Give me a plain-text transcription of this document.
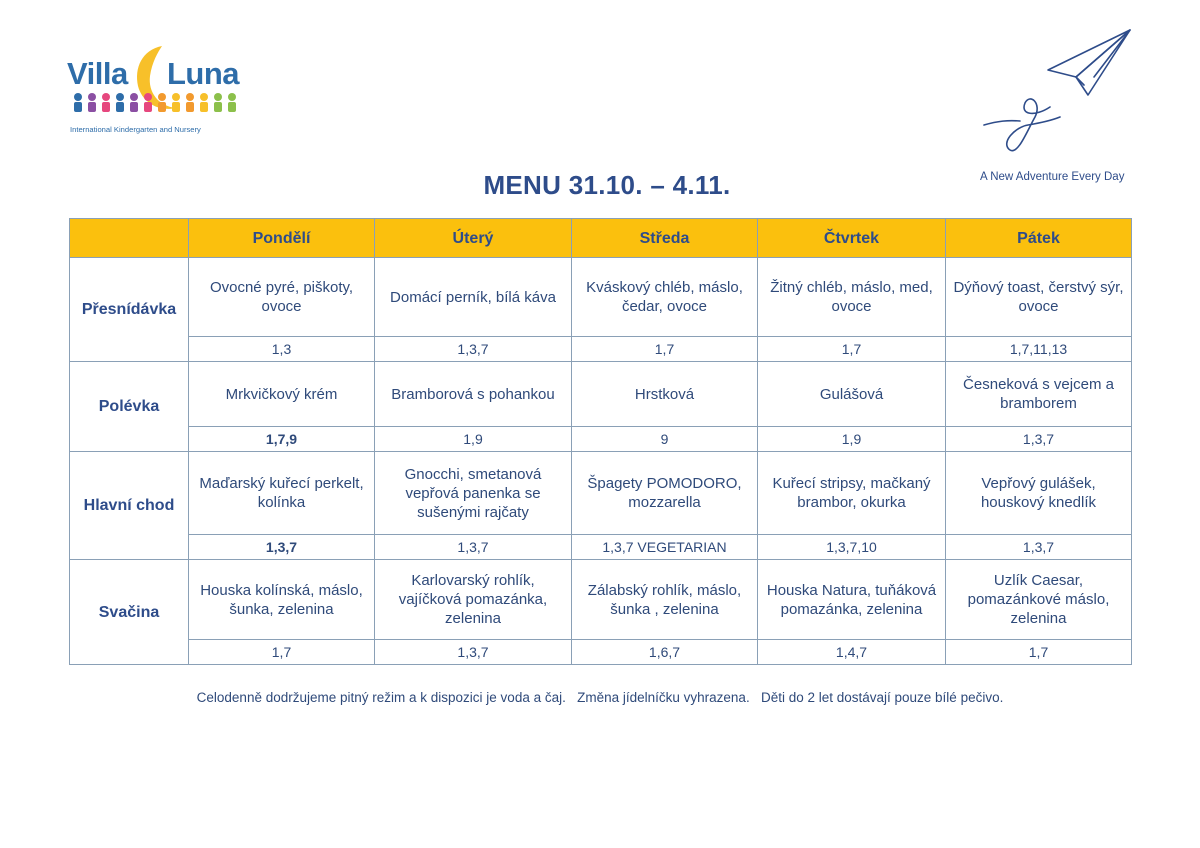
Villa Luna
International Kindergarten and Nursery
A New Adventure Every Day
MENU 31.10. – 4.11.
	Pondělí	Úterý	Středa	Čtvrtek	Pátek
Přesnídávka	Ovocné pyré, piškoty, ovoce	Domácí perník, bílá káva	Kváskový chléb, máslo, čedar, ovoce	Žitný chléb, máslo, med, ovoce	Dýňový toast, čerstvý sýr, ovoce
	1,3	1,3,7	1,7	1,7	1,7,11,13
Polévka	Mrkvičkový krém	Bramborová s pohankou	Hrstková	Gulášová	Česneková s vejcem a bramborem
	1,7,9	1,9	9	1,9	1,3,7
Hlavní chod	Maďarský kuřecí perkelt, kolínka	Gnocchi, smetanová vepřová panenka se sušenými rajčaty	Špagety POMODORO, mozzarella	Kuřecí stripsy, mačkaný brambor, okurka	Vepřový gulášek, houskový knedlík
	1,3,7	1,3,7	1,3,7 VEGETARIAN	1,3,7,10	1,3,7
Svačina	Houska kolínská, máslo, šunka, zelenina	Karlovarský rohlík, vajíčková pomazánka, zelenina	Zálabský rohlík, máslo, šunka , zelenina	Houska Natura, tuňáková pomazánka, zelenina	Uzlík Caesar, pomazánkové máslo, zelenina
	1,7	1,3,7	1,6,7	1,4,7	1,7
Celodenně dodržujeme pitný režim a k dispozici je voda a čaj.   Změna jídelníčku vyhrazena.   Děti do 2 let dostávají pouze bílé pečivo.
